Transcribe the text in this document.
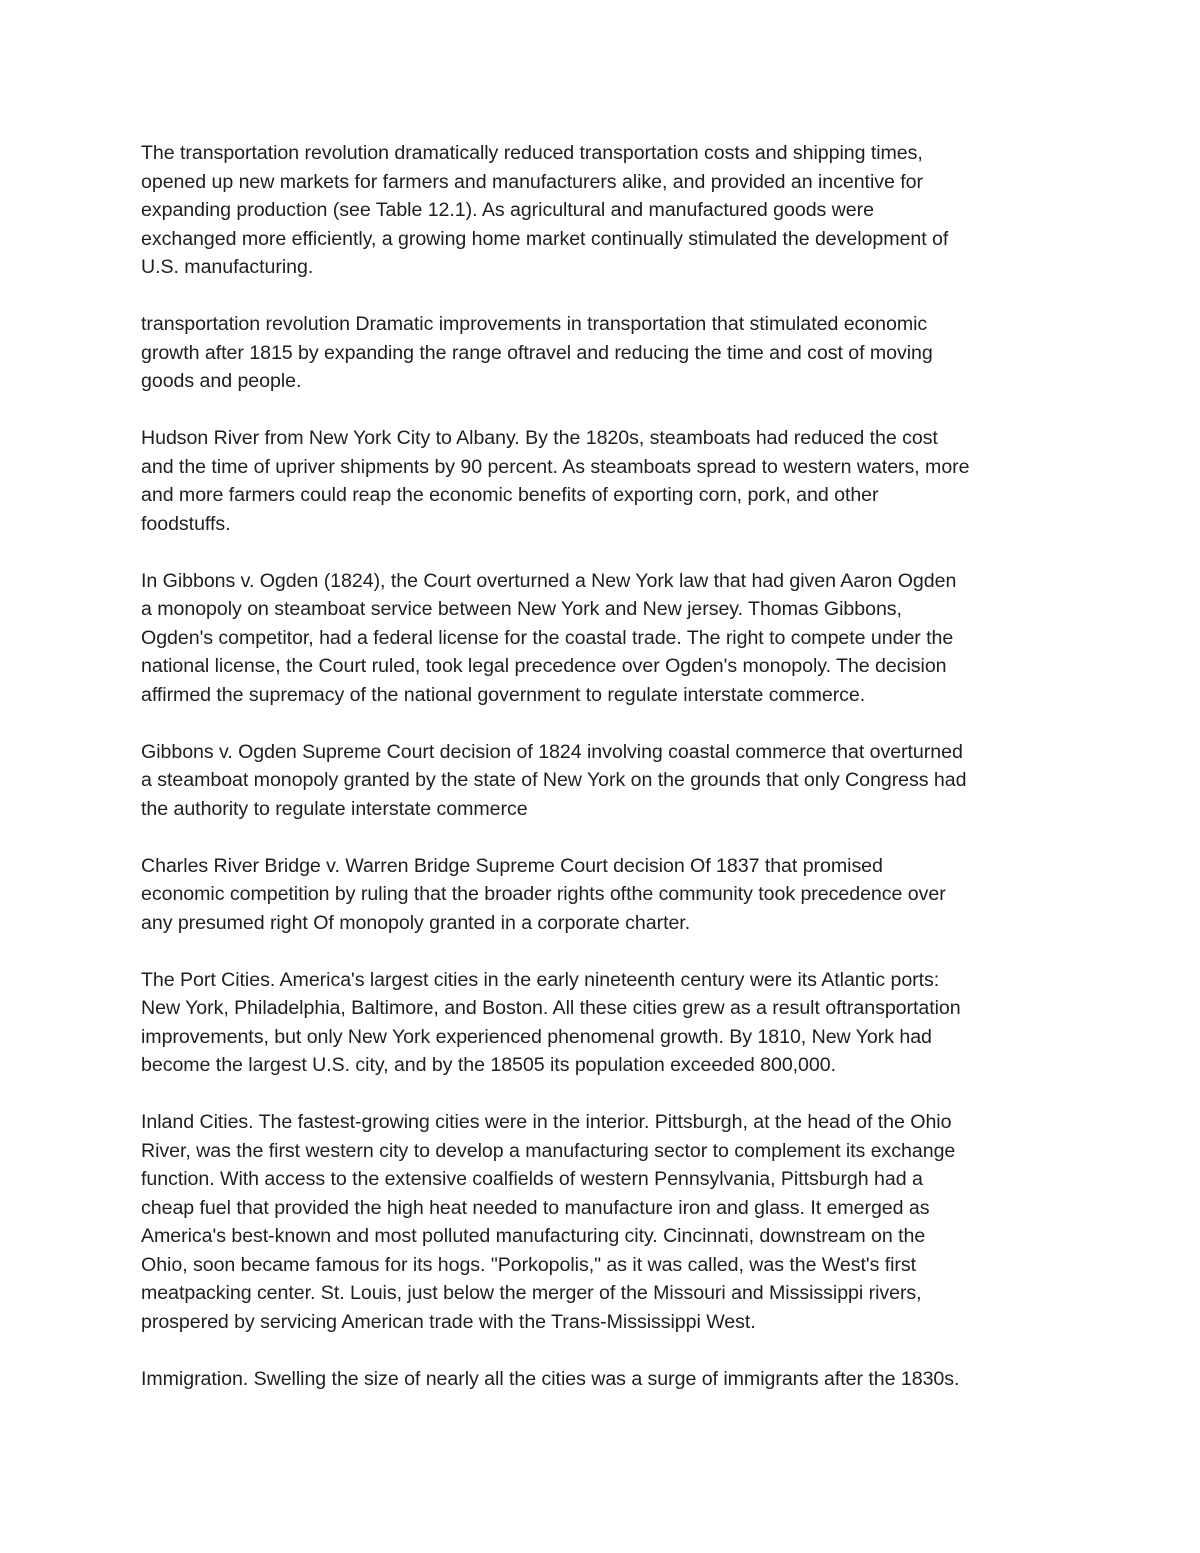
The transportation revolution dramatically reduced transportation costs and shipping times,
opened up new markets for farmers and manufacturers alike, and provided an incentive for
expanding production (see Table 12.1). As agricultural and manufactured goods were
exchanged more efficiently, a growing home market continually stimulated the development of
U.S. manufacturing.

transportation revolution Dramatic improvements in transportation that stimulated economic
growth after 1815 by expanding the range oftravel and reducing the time and cost of moving
goods and people.

Hudson River from New York City to Albany. By the 1820s, steamboats had reduced the cost
and the time of upriver shipments by 90 percent. As steamboats spread to western waters, more
and more farmers could reap the economic benefits of exporting corn, pork, and other
foodstuffs.

In Gibbons v. Ogden (1824), the Court overturned a New York law that had given Aaron Ogden
a monopoly on steamboat service between New York and New jersey. Thomas Gibbons,
Ogden's competitor, had a federal license for the coastal trade. The right to compete under the
national license, the Court ruled, took legal precedence over Ogden's monopoly. The decision
affirmed the supremacy of the national government to regulate interstate commerce.

Gibbons v. Ogden Supreme Court decision of 1824 involving coastal commerce that overturned
a steamboat monopoly granted by the state of New York on the grounds that only Congress had
the authority to regulate interstate commerce

Charles River Bridge v. Warren Bridge Supreme Court decision Of 1837 that promised
economic competition by ruling that the broader rights ofthe community took precedence over
any presumed right Of monopoly granted in a corporate charter.

The Port Cities. America's largest cities in the early nineteenth century were its Atlantic ports:
New York, Philadelphia, Baltimore, and Boston. All these cities grew as a result oftransportation
improvements, but only New York experienced phenomenal growth. By 1810, New York had
become the largest U.S. city, and by the 18505 its population exceeded 800,000.

Inland Cities. The fastest-growing cities were in the interior. Pittsburgh, at the head of the Ohio
River, was the first western city to develop a manufacturing sector to complement its exchange
function. With access to the extensive coalfields of western Pennsylvania, Pittsburgh had a
cheap fuel that provided the high heat needed to manufacture iron and glass. It emerged as
America's best-known and most polluted manufacturing city. Cincinnati, downstream on the
Ohio, soon became famous for its hogs. "Porkopolis," as it was called, was the West's first
meatpacking center. St. Louis, just below the merger of the Missouri and Mississippi rivers,
prospered by servicing American trade with the Trans-Mississippi West.

Immigration. Swelling the size of nearly all the cities was a surge of immigrants after the 1830s.
